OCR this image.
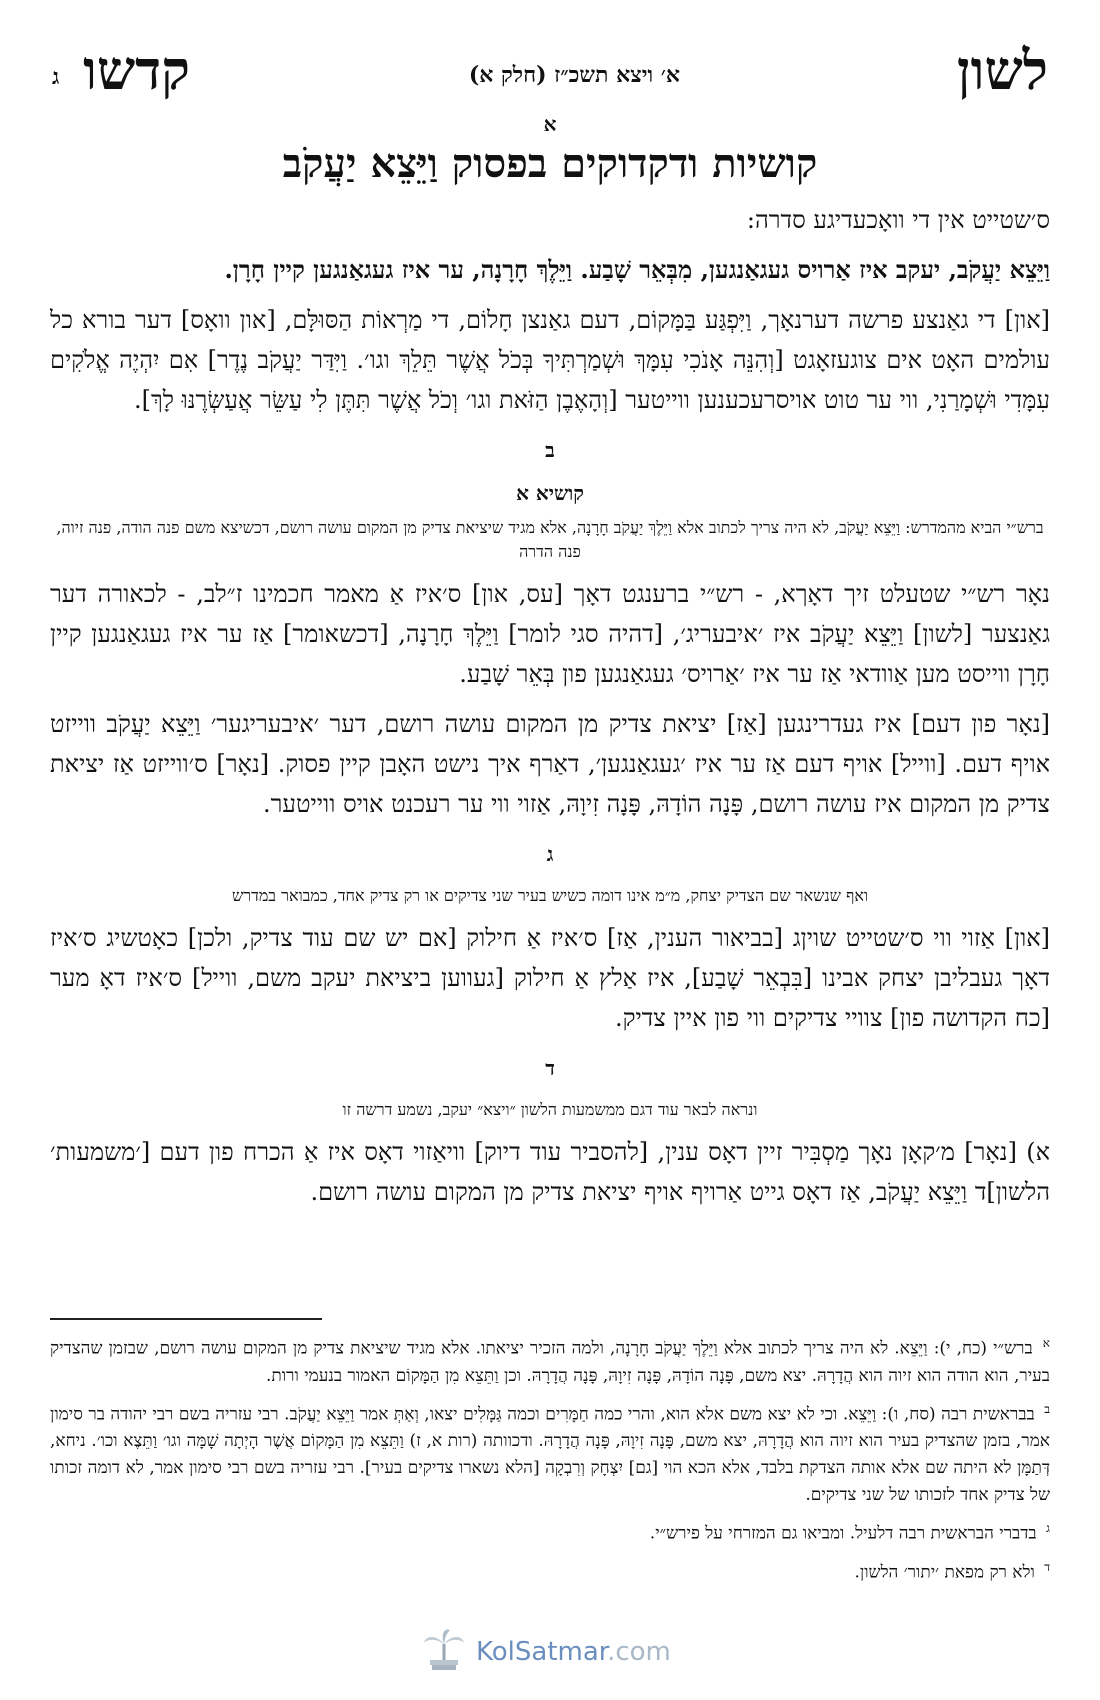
לשון
א׳ ויצא תשכ״ז (חלק א)
קדשו
ג

א

קושיות ודקדוקים בפסוק וַיֵּצֵא יַעֲקֹב

ס׳שטייט אין די וואָכעדיגע סדרה:

וַיֵּצֵא יַעֲקֹב, יעקב איז אַרויס געגאַנגען, מִבְּאֵר שָׁבַע. וַיֵּלֶךְ חָרָנָה, ער איז געגאַנגען קיין חָרָן.

[און] די גאַנצע פרשה דערנאָך, וַיִּפְגַּע בַּמָּקוֹם, דעם גאַנצן חָלוֹם, די מַרְאוֹת הַסּוּלָּם, [און וואָס] דער בורא כל עולמים האָט אים צוגעזאָגט [וְהִנֵּה אָנֹכִי עִמָּךְ וּשְׁמַרְתִּיךָ בְּכֹל אֲשֶׁר תֵּלֵךְ וגו׳. וַיִּדַּר יַעֲקֹב נֶדֶר] אִם יִהְיֶה אֱלֹקִים עִמָּדִי וּשְׁמָרַנִי, ווי ער טוט אויסרעכענען ווייטער [וְהָאֶבֶן הַזֹּאת וגו׳ וְכֹל אֲשֶׁר תִּתֶּן לִי עַשֵּׂר אֲעַשְּׂרֶנּוּ לָךְ].

ב

קושיא א

ברש״י הביא מהמדרש: וַיֵּצֵא יַעֲקֹב, לא היה צריך לכתוב אלא וַיֵּלֶךְ יַעֲקֹב חָרָנָה, אלא מגיד שיציאת צדיק מן המקום עושה רושם, דכשיצא משם פנה הודה, פנה זיוה, פנה הדרה

נאָר רש״י שטעלט זיך דאָךא, - רש״י ברענגט דאָך [עס, און] ס׳איז אַ מאמר חכמינו ז״לב, - לכאורה דער גאַנצער [לשון] וַיֵּצֵא יַעֲקֹב איז ׳איבעריג׳, [דהיה סגי לומר] וַיֵּלֶךְ חָרָנָה, [דכשאומר] אַז ער איז געגאַנגען קיין חָרָן ווייסט מען אַוודאי אַז ער איז ׳אַרויס׳ געגאַנגען פון בְּאֵר שָׁבַע.

[נאָר פון דעם] איז געדרינגען [אַז] יציאת צדיק מן המקום עושה רושם, דער ׳איבעריגער׳ וַיֵּצֵא יַעֲקֹב ווייזט אויף דעם. [ווייל] אויף דעם אַז ער איז ׳געגאַנגען׳, דאַרף איך נישט האָבן קיין פסוק. [נאָר] ס׳ווייזט אַז יציאת צדיק מן המקום איז עושה רושם, פָּנָה הוֹדָהּ, פָּנָה זִיוָהּ, אַזוי ווי ער רעכנט אויס ווייטער.

ג

ואף שנשאר שם הצדיק יצחק, מ״מ אינו דומה כשיש בעיר שני צדיקים או רק צדיק אחד, כמבואר במדרש

[און] אַזוי ווי ס׳שטייט שויןג [בביאור הענין, אַז] ס׳איז אַ חילוק [אם יש שם עוד צדיק, ולכן] כאָטשיג ס׳איז דאָך געבליבן יצחק אבינו [בִּבְאֵר שָׁבַע], איז אַלץ אַ חילוק [געווען ביציאת יעקב משם, ווייל] ס׳איז דאָ מער [כח הקדושה פון] צוויי צדיקים ווי פון איין צדיק.

ד

ונראה לבאר עוד דגם ממשמעות הלשון ״ויצא״ יעקב, נשמע דרשה זו

א) [נאָר] מ׳קאָן נאָך מַסְבִּיר זיין דאָס ענין, [להסביר עוד דיוק] וויאַזוי דאָס איז אַ הכרח פון דעם [׳משמעות׳ הלשון]ד וַיֵּצֵא יַעֲקֹב, אַז דאָס גייט אַרויף אויף יציאת צדיק מן המקום עושה רושם.

$^א$ ברש״י (כח, י): וַיֵּצֵא. לא היה צריך לכתוב אלא וַיֵּלֶךְ יַעֲקֹב חָרָנָה, ולמה הזכיר יציאתו. אלא מגיד שיציאת צדיק מן המקום עושה רושם, שבזמן שהצדיק בעיר, הוא הודה הוא זיוה הוא הֲדָרָהּ. יצא משם, פָּנָה הוֹדָהּ, פָּנָה זִיוָהּ, פָּנָה הֲדָרָהּ. וכן וַתֵּצֵא מִן הַמָּקוֹם האמור בנעמי ורות.

$^ב$ בבראשית רבה (סח, ו): וַיֵּצֵא. וכי לא יצא משם אלא הוא, והרי כמה חַמָּרִים וכמה גַּמָּלִים יצאו, וְאַתְּ אמר וַיֵּצֵא יַעֲקֹב. רבי עזריה בשם רבי יהודה בר סימון אמר, בזמן שהצדיק בעיר הוא זיוה הוא הֲדָרָהּ, יצא משם, פָּנָה זִיוָהּ, פָּנָה הֲדָרָהּ. ודכוותה (רות א, ז) וַתֵּצֵא מִן הַמָּקוֹם אֲשֶׁר הָיְתָה שָׁמָּה וגו׳ וַתֵּצֶא וכו׳. ניחא, דְּתַמָּן לא היתה שם אלא אותה הצדקת בלבד, אלא הכא הוי [גם] יִצְחָק וְרִבְקָה [הלא נשארו צדיקים בעיר]. רבי עזריה בשם רבי סימון אמר, לא דומה זכותו של צדיק אחד לזכותו של שני צדיקים.

$^ג$ בדברי הבראשית רבה דלעיל. ומביאו גם המזרחי על פירש״י.

$^ד$ ולא רק מפאת ׳יתור׳ הלשון.

KolSatmar.com
